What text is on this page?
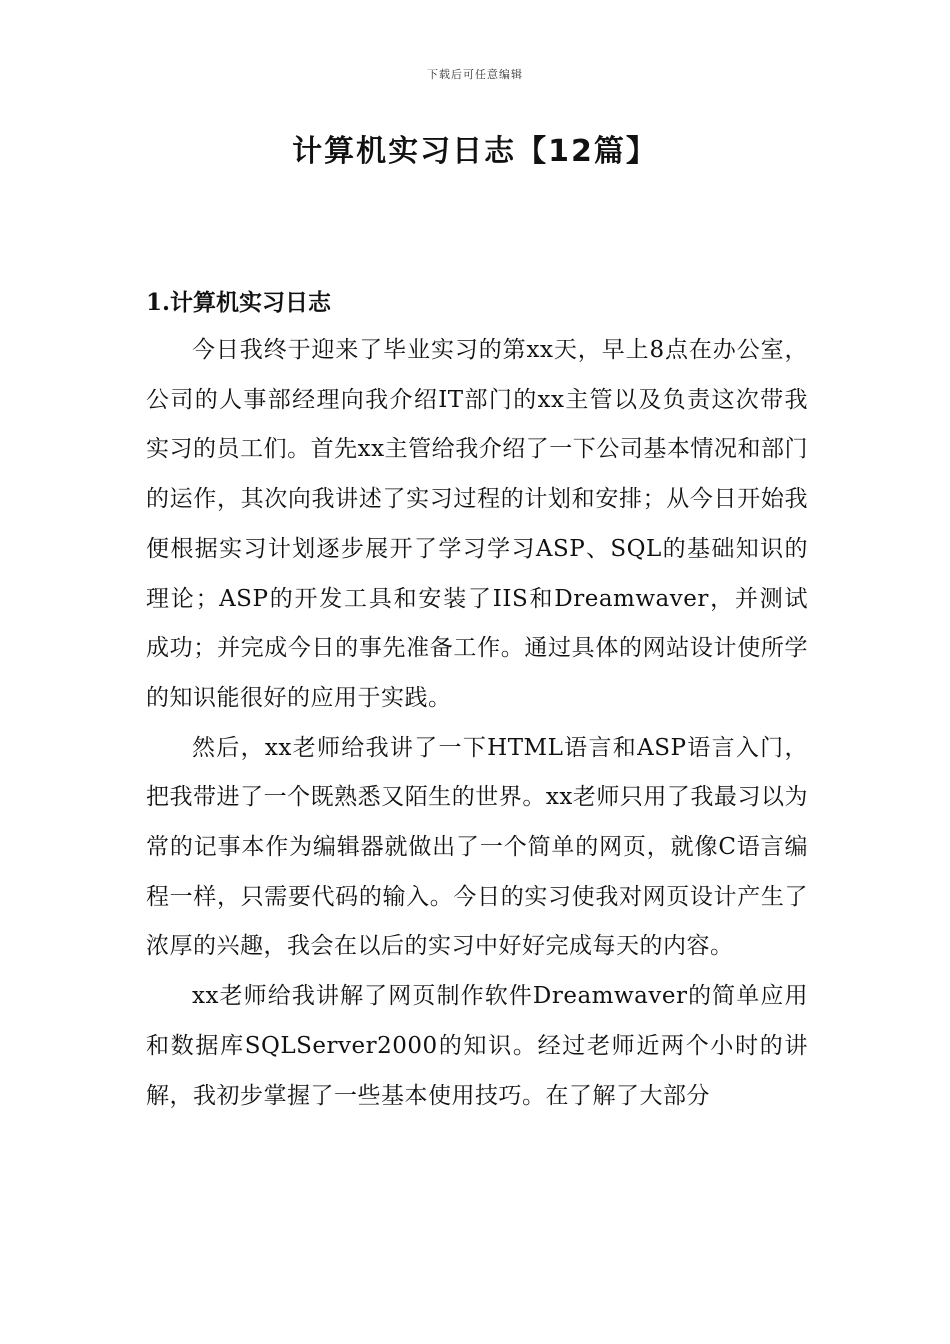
下载后可任意编辑
计算机实习日志【12篇】
1.计算机实习日志

今日我终于迎来了毕业实习的第xx天，早上8点在办公室，公司的人事部经理向我介绍IT部门的xx主管以及负责这次带我实习的员工们。首先xx主管给我介绍了一下公司基本情况和部门的运作，其次向我讲述了实习过程的计划和安排；从今日开始我便根据实习计划逐步展开了学习学习ASP、SQL的基础知识的理论；ASP的开发工具和安装了IIS和Dreamwaver，并测试成功；并完成今日的事先准备工作。通过具体的网站设计使所学的知识能很好的应用于实践。

然后，xx老师给我讲了一下HTML语言和ASP语言入门，把我带进了一个既熟悉又陌生的世界。xx老师只用了我最习以为常的记事本作为编辑器就做出了一个简单的网页，就像C语言编程一样，只需要代码的输入。今日的实习使我对网页设计产生了浓厚的兴趣，我会在以后的实习中好好完成每天的内容。

xx老师给我讲解了网页制作软件Dreamwaver的简单应用和数据库SQLServer2000的知识。经过老师近两个小时的讲解，我初步掌握了一些基本使用技巧。在了解了大部分
